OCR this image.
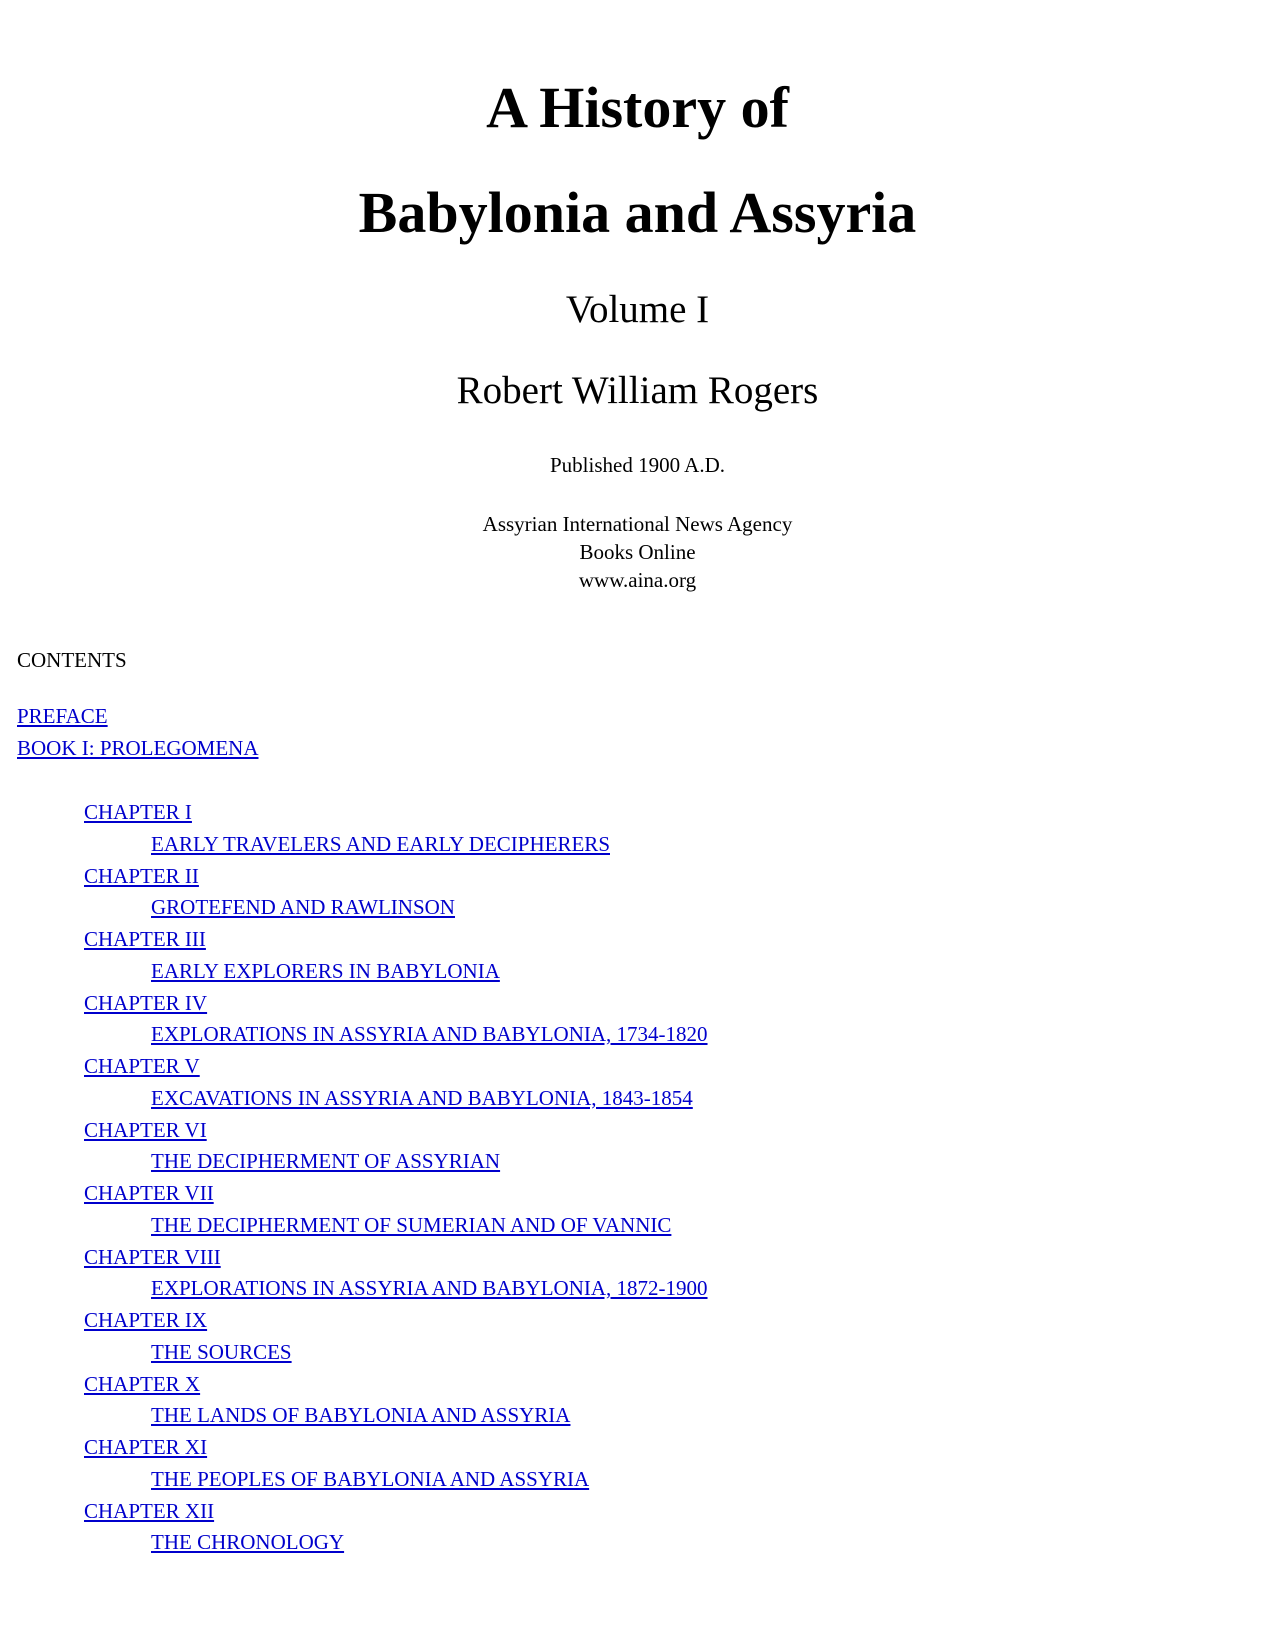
A History of
Babylonia and Assyria
Volume I
Robert William Rogers
Published 1900 A.D.
Assyrian International News Agency
Books Online
www.aina.org
CONTENTS
PREFACE
BOOK I: PROLEGOMENA
CHAPTER I
EARLY TRAVELERS AND EARLY DECIPHERERS
CHAPTER II
GROTEFEND AND RAWLINSON
CHAPTER III
EARLY EXPLORERS IN BABYLONIA
CHAPTER IV
EXPLORATIONS IN ASSYRIA AND BABYLONIA, 1734-1820
CHAPTER V
EXCAVATIONS IN ASSYRIA AND BABYLONIA, 1843-1854
CHAPTER VI
THE DECIPHERMENT OF ASSYRIAN
CHAPTER VII
THE DECIPHERMENT OF SUMERIAN AND OF VANNIC
CHAPTER VIII
EXPLORATIONS IN ASSYRIA AND BABYLONIA, 1872-1900
CHAPTER IX
THE SOURCES
CHAPTER X
THE LANDS OF BABYLONIA AND ASSYRIA
CHAPTER XI
THE PEOPLES OF BABYLONIA AND ASSYRIA
CHAPTER XII
THE CHRONOLOGY
